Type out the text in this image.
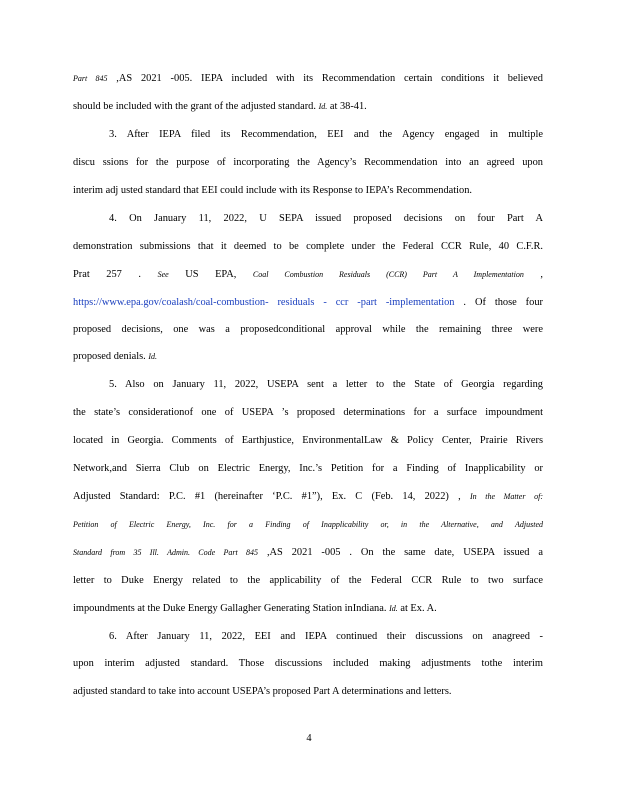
Part 845 ,AS 2021 -005. IEPA included with its Recommendation certain conditions it believed
should be included with the grant of the adjusted standard. Id. at 38-41.
3. After IEPA filed its Recommendation, EEI and the Agency engaged in multiple
discu ssions for the purpose of incorporating the Agency’s Recommendation into an agreed upon
interim adj usted standard that EEI could include with its Response to IEPA’s Recommendation.
4. On January 11, 2022, U SEPA issued proposed decisions on four Part A
demonstration submissions that it deemed to be complete under the Federal CCR Rule, 40 C.F.R.
Prat 257 . See US EPA, Coal Combustion Residuals (CCR) Part A Implementation ,
https://www.epa.gov/coalash/coal-combustion- residuals - ccr -part -implementation . Of those four
proposed decisions, one was a proposedconditional approval while the remaining three were
proposed denials. Id.
5. Also on January 11, 2022, USEPA sent a letter to the State of Georgia regarding
the state’s considerationof one of USEPA ’s proposed determinations for a surface impoundment
located in Georgia. Comments of Earthjustice, EnvironmentalLaw & Policy Center, Prairie Rivers
Network,and Sierra Club on Electric Energy, Inc.’s Petition for a Finding of Inapplicability or
Adjusted Standard: P.C. #1 (hereinafter ‘P.C. #1”), Ex. C (Feb. 14, 2022) , In the Matter of:
Petition of Electric Energy, Inc. for a Finding of Inapplicability or, in the Alternative, and Adjusted
Standard from 35 Ill. Admin. Code Part 845 ,AS 2021 -005 . On the same date, USEPA issued a
letter to Duke Energy related to the applicability of the Federal CCR Rule to two surface
impoundments at the Duke Energy Gallagher Generating Station inIndiana. Id. at Ex. A.
6. After January 11, 2022, EEI and IEPA continued their discussions on anagreed -
upon interim adjusted standard. Those discussions included making adjustments tothe interim
adjusted standard to take into account USEPA’s proposed Part A determinations and letters.
4
